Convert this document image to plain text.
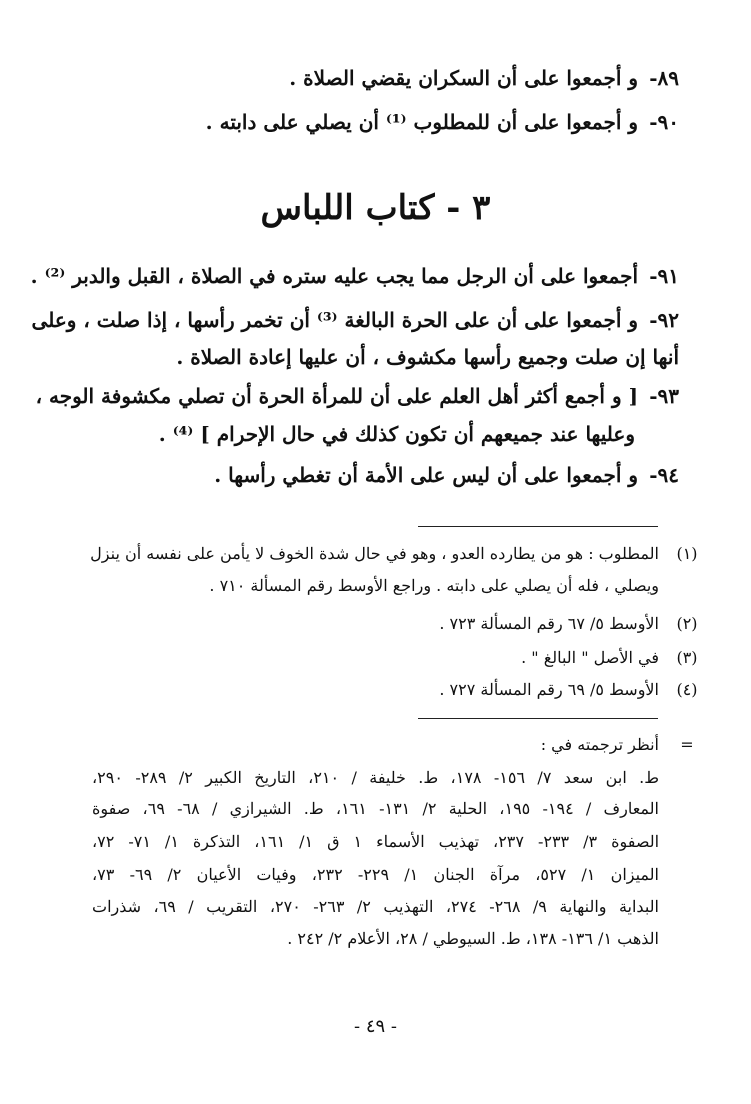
٨٩- و أجمعوا على أن السكران يقضي الصلاة .
٩٠- و أجمعوا على أن للمطلوب ⁽¹⁾ أن يصلي على دابته .
٣ - كتاب اللباس
٩١- أجمعوا على أن الرجل مما يجب عليه ستره في الصلاة ، القبل والدبر ⁽²⁾ .
٩٢- و أجمعوا على أن على الحرة البالغة ⁽³⁾ أن تخمر رأسها ، إذا صلت ، وعلى
أنها إن صلت وجميع رأسها مكشوف ، أن عليها إعادة الصلاة .
٩٣- [ و أجمع أكثر أهل العلم على أن للمرأة الحرة أن تصلي مكشوفة الوجه ،
وعليها عند جميعهم أن تكون كذلك في حال الإحرام ] ⁽⁴⁾ .
٩٤- و أجمعوا على أن ليس على الأمة أن تغطي رأسها .
(١)
المطلوب : هو من يطارده العدو ، وهو في حال شدة الخوف لا يأمن على نفسه أن ينزل
ويصلي ، فله أن يصلي على دابته . وراجع الأوسط رقم المسألة ٧١٠ .
(٢)
الأوسط ٥/ ٦٧ رقم المسألة ٧٢٣ .
(٣)
في الأصل " البالغ " .
(٤)
الأوسط ٥/ ٦٩ رقم المسألة ٧٢٧ .
=
أنظر ترجمته في :
ط. ابن سعد ٧/ ١٥٦- ١٧٨، ط. خليفة / ٢١٠، التاريخ الكبير ٢/ ٢٨٩- ٢٩٠،
المعارف / ١٩٤- ١٩٥، الحلية ٢/ ١٣١- ١٦١، ط. الشيرازي / ٦٨- ٦٩، صفوة
الصفوة ٣/ ٢٣٣- ٢٣٧، تهذيب الأسماء ١ ق ١/ ١٦١، التذكرة ١/ ٧١- ٧٢،
الميزان ١/ ٥٢٧، مرآة الجنان ١/ ٢٢٩- ٢٣٢، وفيات الأعيان ٢/ ٦٩- ٧٣،
البداية والنهاية ٩/ ٢٦٨- ٢٧٤، التهذيب ٢/ ٢٦٣- ٢٧٠، التقريب / ٦٩، شذرات
الذهب ١/ ١٣٦- ١٣٨، ط. السيوطي / ٢٨، الأعلام ٢/ ٢٤٢ .
- ٤٩ -
